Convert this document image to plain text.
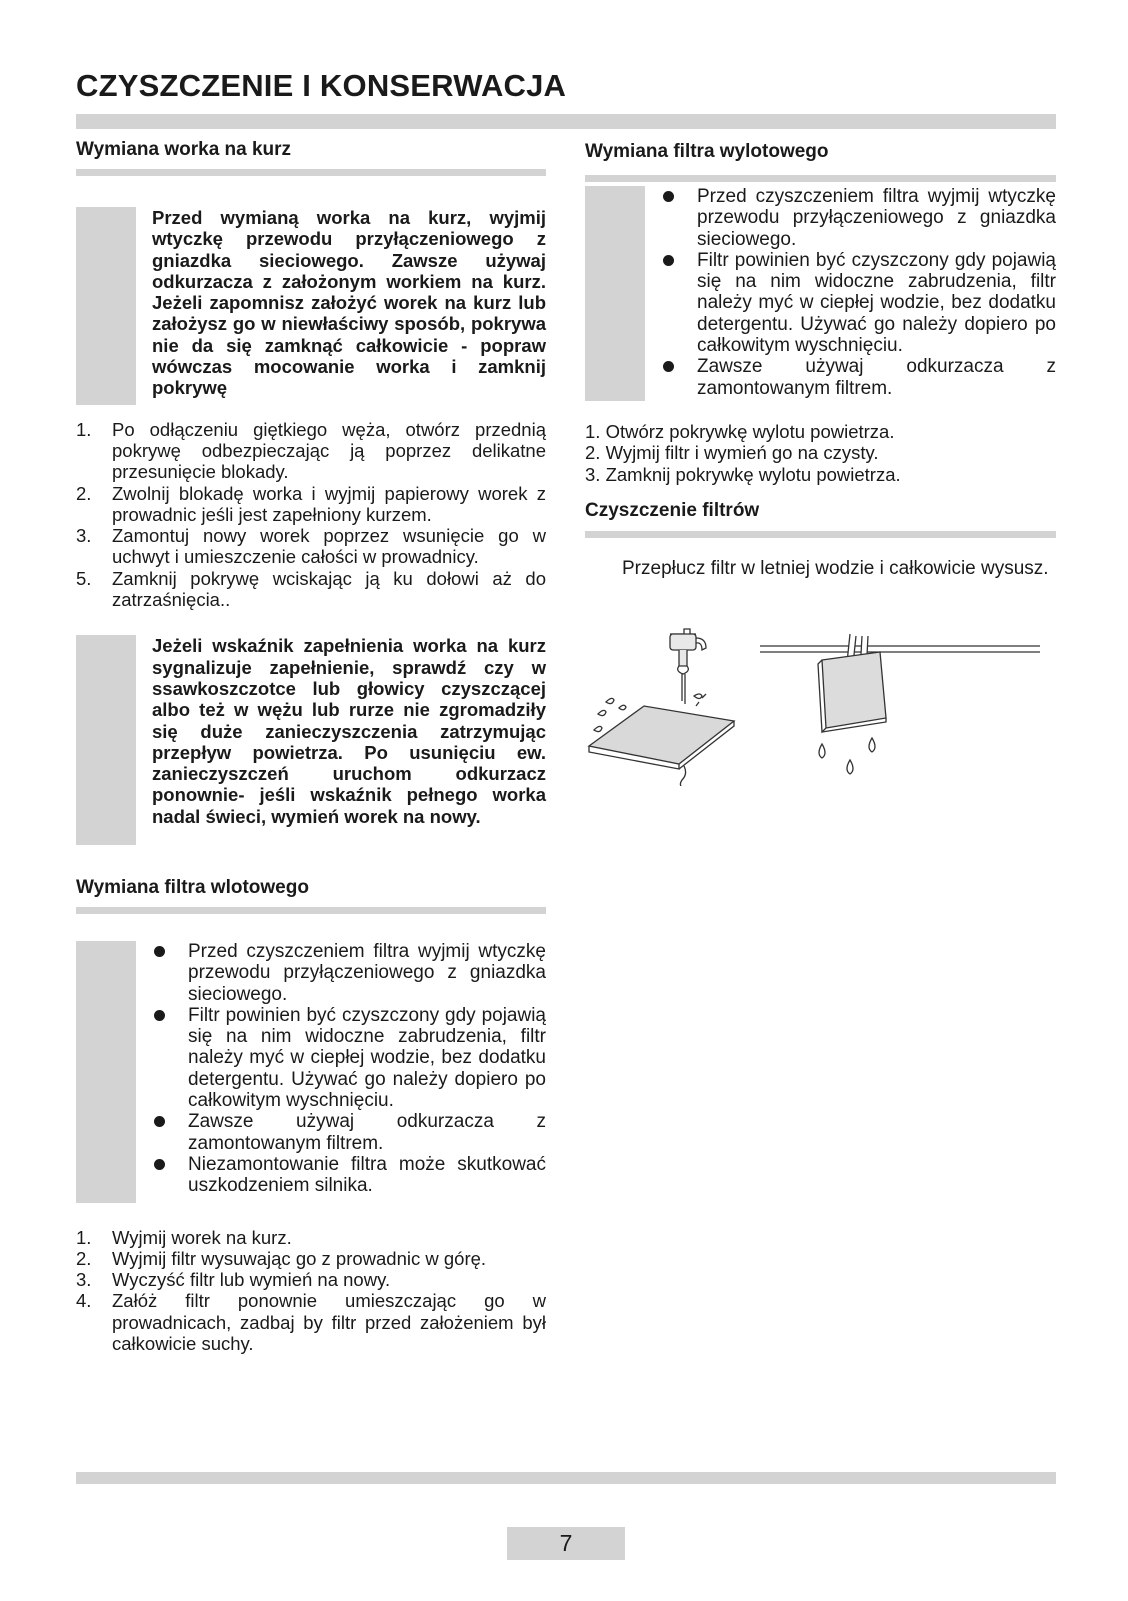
CZYSZCZENIE I KONSERWACJA
Wymiana worka na kurz
Przed wymianą worka na kurz, wyjmij wtyczkę przewodu przyłączeniowego z gniazdka sieciowego. Zawsze używaj odkurzacza z założonym workiem na kurz. Jeżeli zapomnisz założyć worek na kurz lub założysz go w niewłaściwy sposób, pokrywa nie da się zamknąć całkowicie - popraw wówczas mocowanie worka i zamknij pokrywę
1. Po odłączeniu giętkiego węża, otwórz przednią pokrywę odbezpieczając ją poprzez delikatne przesunięcie blokady.
2. Zwolnij blokadę worka i wyjmij papierowy worek z prowadnic jeśli jest zapełniony kurzem.
3. Zamontuj nowy worek poprzez wsunięcie go w uchwyt i umieszczenie całości w prowadnicy.
5. Zamknij pokrywę wciskając ją ku dołowi aż do zatrzaśnięcia..
Jeżeli wskaźnik zapełnienia worka na kurz sygnalizuje zapełnienie, sprawdź czy w ssawkoszczotce lub głowicy czyszczącej albo też w wężu lub rurze nie zgromadziły się duże zanieczyszczenia zatrzymując przepływ powietrza. Po usunięciu ew. zanieczyszczeń uruchom odkurzacz ponownie- jeśli wskaźnik pełnego worka nadal świeci, wymień worek na nowy.
Wymiana filtra wlotowego
Przed czyszczeniem filtra wyjmij wtyczkę przewodu przyłączeniowego z gniazdka sieciowego.
Filtr powinien być czyszczony gdy pojawią się na nim widoczne zabrudzenia, filtr należy myć w ciepłej wodzie, bez dodatku detergentu. Używać go należy dopiero po całkowitym wyschnięciu.
Zawsze używaj odkurzacza z zamontowanym filtrem.
Niezamontowanie filtra może skutkować uszkodzeniem silnika.
1. Wyjmij worek na kurz.
2. Wyjmij filtr wysuwając go z prowadnic w górę.
3. Wyczyść filtr lub wymień na nowy.
4. Załóż filtr ponownie umieszczając go w prowadnicach, zadbaj by filtr przed założeniem był całkowicie suchy.
Wymiana filtra wylotowego
Przed czyszczeniem filtra wyjmij wtyczkę przewodu przyłączeniowego z gniazdka sieciowego.
Filtr powinien być czyszczony gdy pojawią się na nim widoczne zabrudzenia, filtr należy myć w ciepłej wodzie, bez dodatku detergentu. Używać go należy dopiero po całkowitym wyschnięciu.
Zawsze używaj odkurzacza z zamontowanym filtrem.
1. Otwórz pokrywkę wylotu powietrza.
2. Wyjmij filtr i wymień go na czysty.
3. Zamknij pokrywkę wylotu powietrza.
Czyszczenie filtrów

Przepłucz filtr w letniej wodzie i całkowicie wysusz.

7
